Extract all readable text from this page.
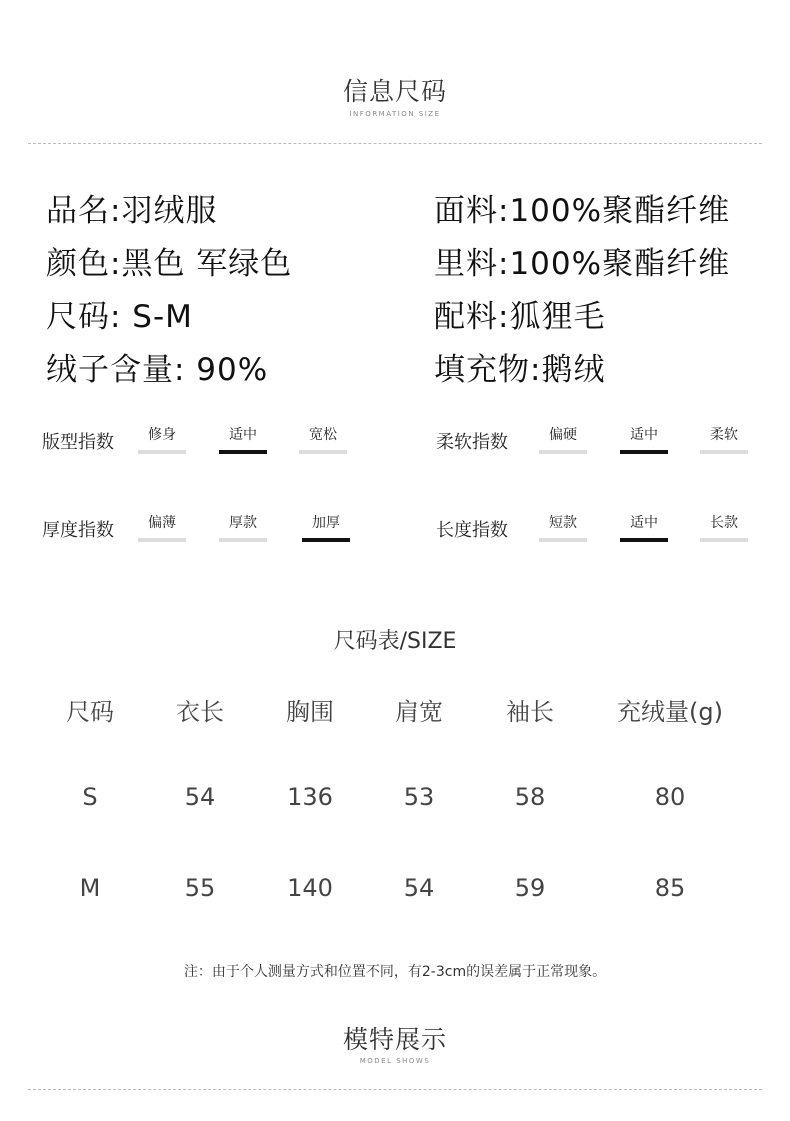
信息尺码
INFORMATION SIZE
品名:羽绒服
颜色:黑色 军绿色
尺码: S-M
绒子含量: 90%
面料:100%聚酯纤维
里料:100%聚酯纤维
配料:狐狸毛
填充物:鹅绒
版型指数	修身	适中	宽松	柔软指数	偏硬	适中	柔软
厚度指数	偏薄	厚款	加厚	长度指数	短款	适中	长款
尺码表/SIZE
尺码	衣长	胸围	肩宽	袖长	充绒量(g)
S	54	136	53	58	80
M	55	140	54	59	85
注：由于个人测量方式和位置不同，有2-3cm的误差属于正常现象。
模特展示
MODEL SHOWS
